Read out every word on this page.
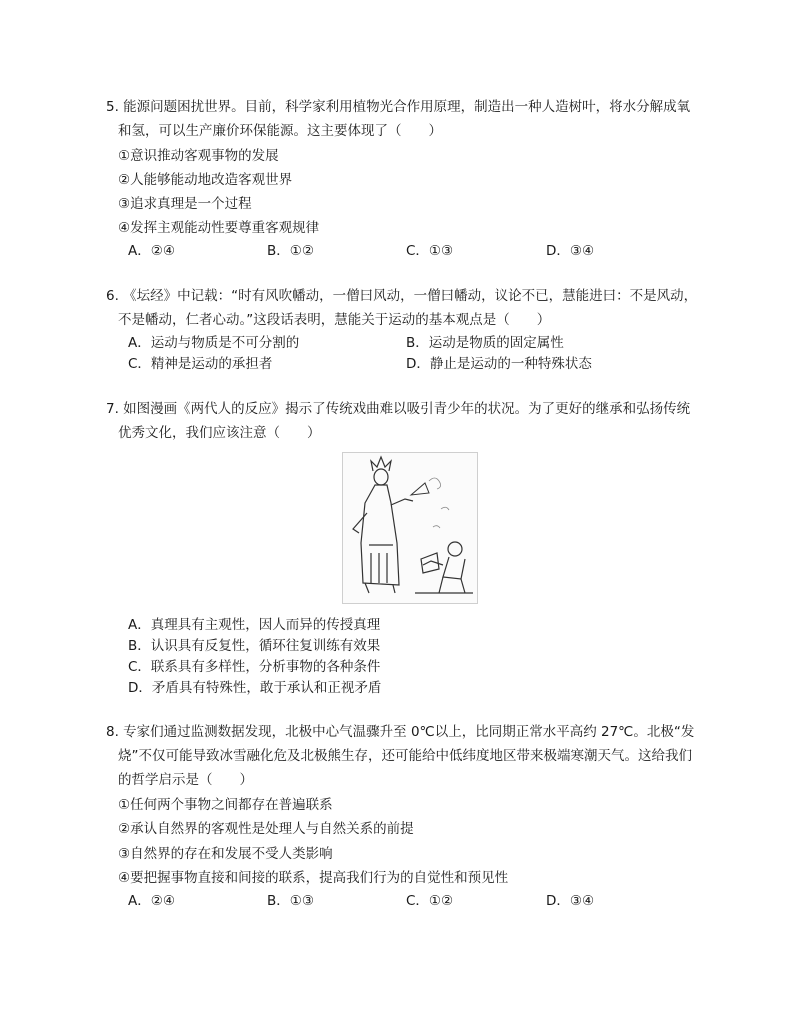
5. 能源问题困扰世界。目前，科学家利用植物光合作用原理，制造出一种人造树叶，将水分解成氧
和氢，可以生产廉价环保能源。这主要体现了（　　）
①意识推动客观事物的发展
②人能够能动地改造客观世界
③追求真理是一个过程
④发挥主观能动性要尊重客观规律
A．②④	B．①②	C．①③	D．③④
6. 《坛经》中记载：“时有风吹幡动，一僧曰风动，一僧曰幡动，议论不已，慧能进曰：不是风动，
不是幡动，仁者心动。”这段话表明，慧能关于运动的基本观点是（　　）
A．运动与物质是不可分割的	B．运动是物质的固定属性
C．精神是运动的承担者	D．静止是运动的一种特殊状态
7. 如图漫画《两代人的反应》揭示了传统戏曲难以吸引青少年的状况。为了更好的继承和弘扬传统
优秀文化，我们应该注意（　　）
A．真理具有主观性，因人而异的传授真理
B．认识具有反复性，循环往复训练有效果
C．联系具有多样性，分析事物的各种条件
D．矛盾具有特殊性，敢于承认和正视矛盾
8. 专家们通过监测数据发现，北极中心气温骤升至 0℃以上，比同期正常水平高约 27℃。北极“发
烧”不仅可能导致冰雪融化危及北极熊生存，还可能给中低纬度地区带来极端寒潮天气。这给我们
的哲学启示是（　　）
①任何两个事物之间都存在普遍联系
②承认自然界的客观性是处理人与自然关系的前提
③自然界的存在和发展不受人类影响
④要把握事物直接和间接的联系，提高我们行为的自觉性和预见性
A．②④	B．①③	C．①②	D．③④
